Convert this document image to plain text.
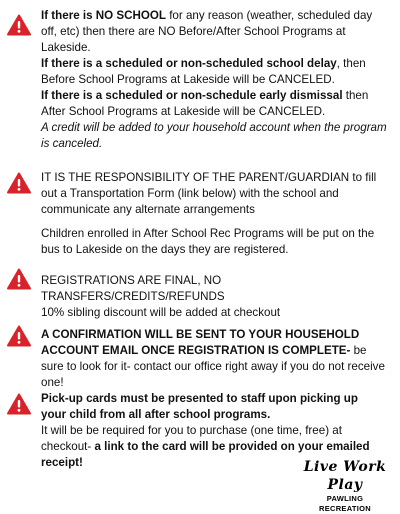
If there is NO SCHOOL for any reason (weather, scheduled day off, etc) then there are NO Before/After School Programs at Lakeside.

If there is a scheduled or non-scheduled school delay, then Before School Programs at Lakeside will be CANCELED.

If there is a scheduled or non-schedule early dismissal then After School Programs at Lakeside will be CANCELED.

A credit will be added to your household account when the program is canceled.

IT IS THE RESPONSIBILITY OF THE PARENT/GUARDIAN to fill out a Transportation Form (link below) with the school and communicate any alternate arrangements

Children enrolled in After School Rec Programs will be put on the bus to Lakeside on the days they are registered.

REGISTRATIONS ARE FINAL, NO TRANSFERS/CREDITS/REFUNDS

10% sibling discount will be added at checkout

A CONFIRMATION WILL BE SENT TO YOUR HOUSEHOLD ACCOUNT EMAIL ONCE REGISTRATION IS COMPLETE- be sure to look for it- contact our office right away if you do not receive one!

Pick-up cards must be presented to staff upon picking up your child from all after school programs.

It will be be required for you to purchase (one time, free) at checkout- a link to the card will be provided on your emailed receipt!	Live Work Play
PAWLING RECREATION
